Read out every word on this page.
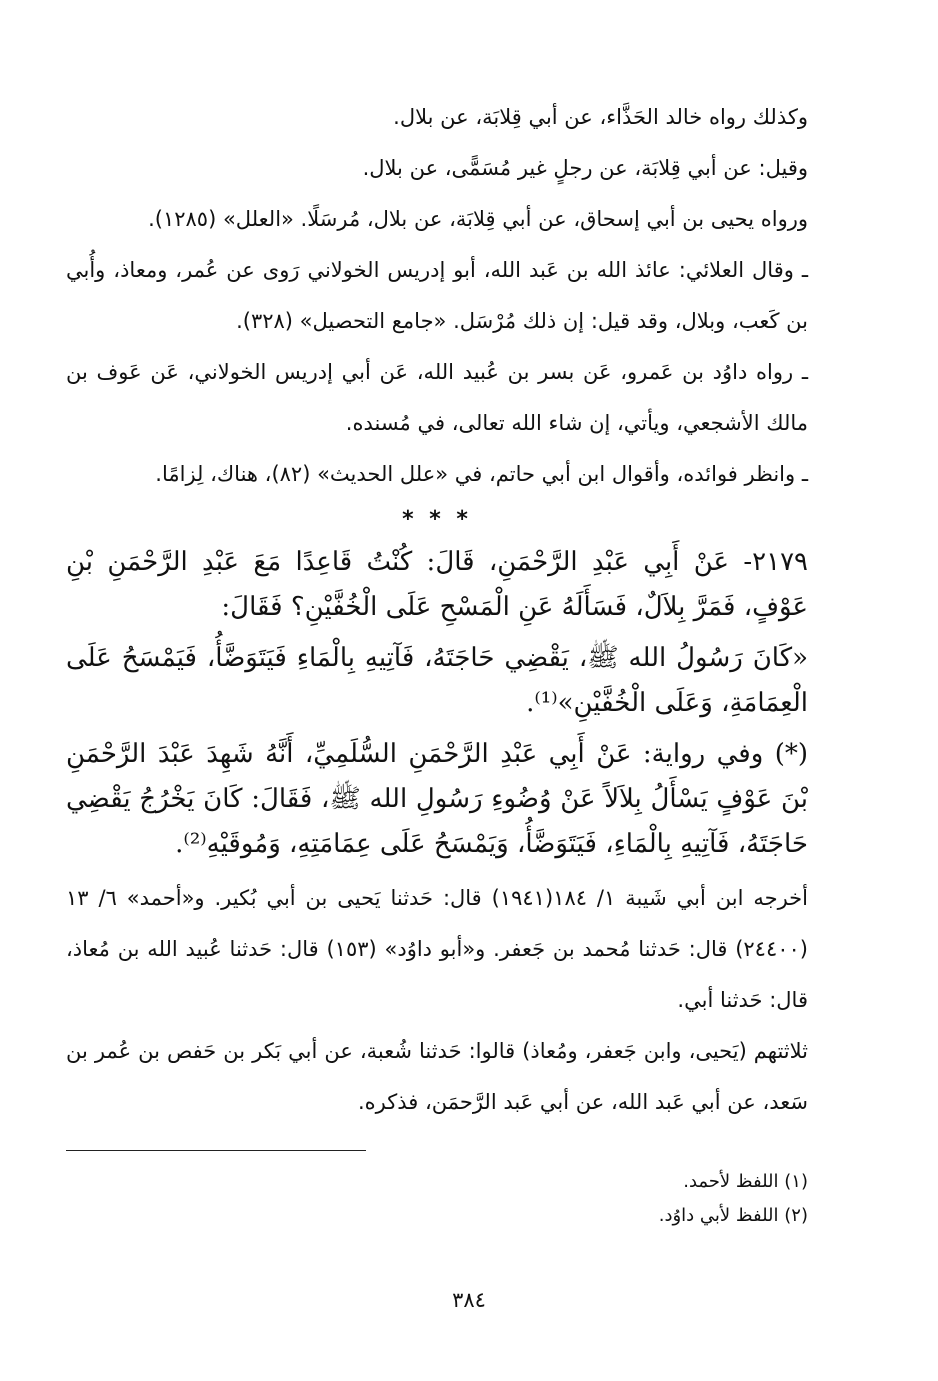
وكذلك رواه خالد الحَذَّاء، عن أبي قِلابَة، عن بلال.

وقيل: عن أبي قِلابَة، عن رجلٍ غير مُسَمًّى، عن بلال.

ورواه يحيى بن أبي إسحاق، عن أبي قِلابَة، عن بلال، مُرسَلًا. «العلل» (١٢٨٥).

ـ وقال العلائي: عائذ الله بن عَبد الله، أبو إدريس الخولاني رَوى عن عُمر، ومعاذ، وأُبي بن كَعب، وبلال، وقد قيل: إن ذلك مُرْسَل. «جامع التحصيل» (٣٢٨).

ـ رواه داوُد بن عَمرو، عَن بسر بن عُبيد الله، عَن أبي إدريس الخولاني، عَن عَوف بن مالك الأشجعي، ويأتي، إن شاء الله تعالى، في مُسنده.

ـ وانظر فوائده، وأقوال ابن أبي حاتم، في «علل الحديث» (٨٢)، هناك، لِزامًا.

* * *

٢١٧٩- عَنْ أَبِي عَبْدِ الرَّحْمَنِ، قَالَ: كُنْتُ قَاعِدًا مَعَ عَبْدِ الرَّحْمَنِ بْنِ عَوْفٍ، فَمَرَّ بِلاَلٌ، فَسَأَلَهُ عَنِ الْمَسْحِ عَلَى الْخُفَّيْنِ؟ فَقَالَ:

«كَانَ رَسُولُ الله ﷺ، يَقْضِي حَاجَتَهُ، فَآتِيهِ بِالْمَاءِ فَيَتَوَضَّأُ، فَيَمْسَحُ عَلَى الْعِمَامَةِ، وَعَلَى الْخُفَّيْنِ»⁽¹⁾.

(*) وفي رواية: عَنْ أَبِي عَبْدِ الرَّحْمَنِ السُّلَمِيِّ، أَنَّهُ شَهِدَ عَبْدَ الرَّحْمَنِ بْنَ عَوْفٍ يَسْأَلُ بِلاَلاً عَنْ وُضُوءِ رَسُولِ الله ﷺ، فَقَالَ: كَانَ يَخْرُجُ يَقْضِي حَاجَتَهُ، فَآتِيهِ بِالْمَاءِ، فَيَتَوَضَّأُ، وَيَمْسَحُ عَلَى عِمَامَتِهِ، وَمُوقَيْهِ⁽²⁾.

أخرجه ابن أبي شَيبة ١/ ١٨٤(١٩٤١) قال: حَدثنا يَحيى بن أبي بُكير. و«أحمد» ٦/ ١٣ (٢٤٤٠٠) قال: حَدثنا مُحمد بن جَعفر. و«أبو داوُد» (١٥٣) قال: حَدثنا عُبيد الله بن مُعاذ، قال: حَدثنا أبي.

ثلاثتهم (يَحيى، وابن جَعفر، ومُعاذ) قالوا: حَدثنا شُعبة، عن أبي بَكر بن حَفص بن عُمر بن سَعد، عن أبي عَبد الله، عن أبي عَبد الرَّحمَن، فذكره.

(١) اللفظ لأحمد.

(٢) اللفظ لأبي داوُد.

٣٨٤
